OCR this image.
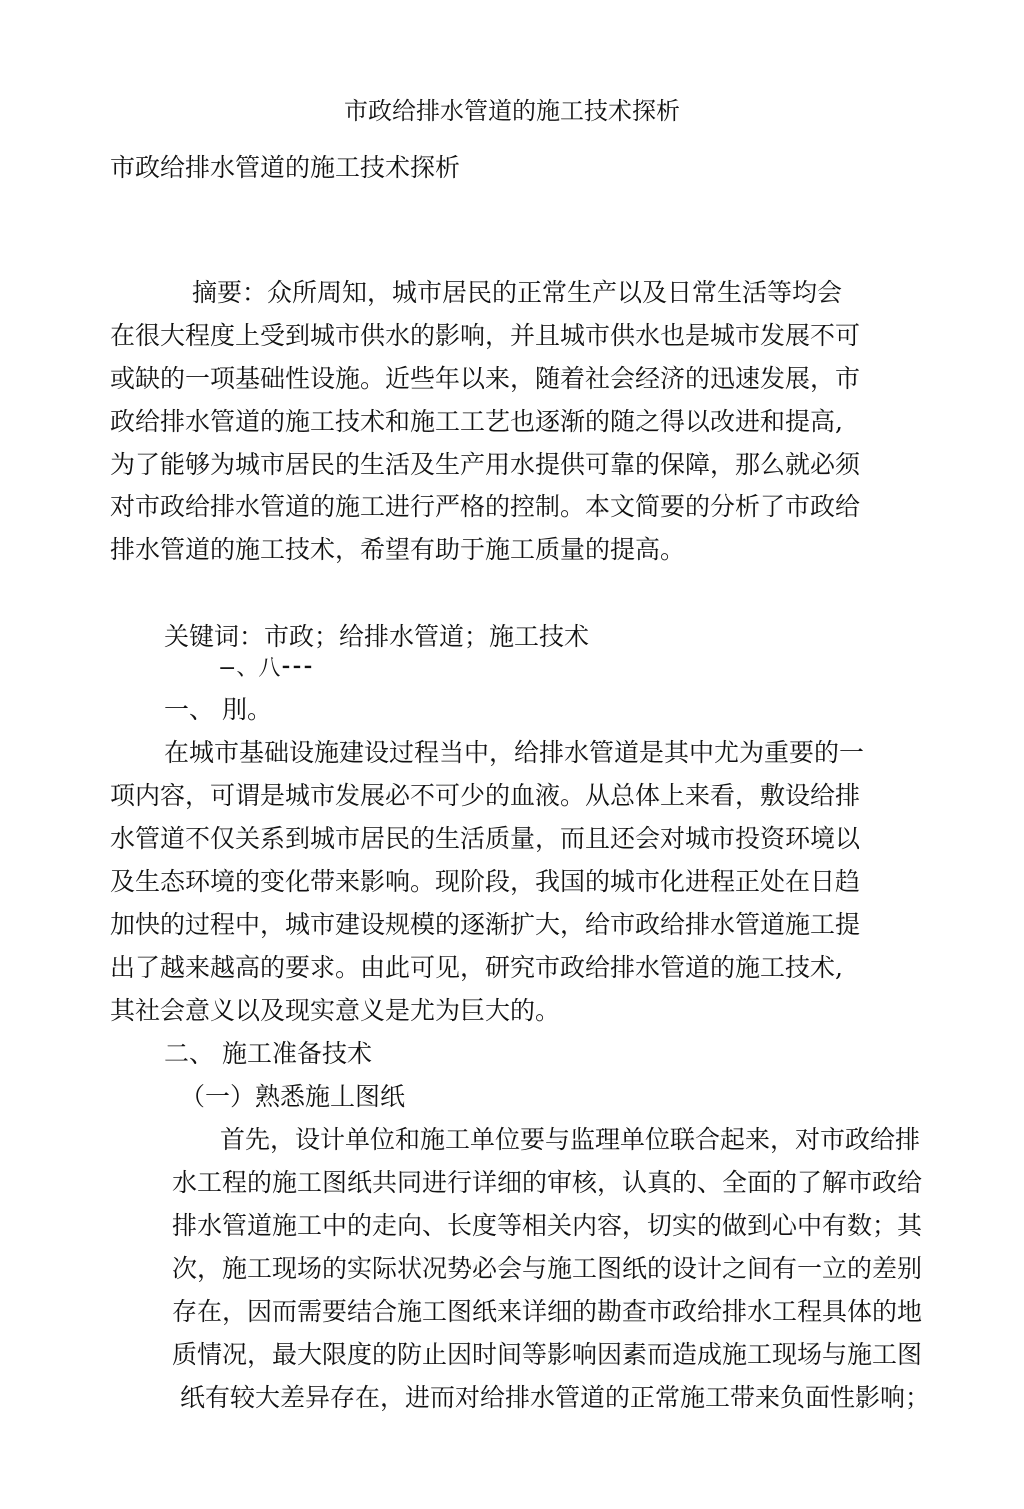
市政给排水管道的施工技术探析

市政给排水管道的施工技术探析

摘要：众所周知，城市居民的正常生产以及日常生活等均会

在很大程度上受到城市供水的影响，并且城市供水也是城市发展不可

或缺的一项基础性设施。近些年以来，随着社会经济的迅速发展，市

政给排水管道的施工技术和施工工艺也逐渐的随之得以改进和提高,

为了能够为城市居民的生活及生产用水提供可靠的保障，那么就必须

对市政给排水管道的施工进行严格的控制。本文简要的分析了市政给

排水管道的施工技术，希望有助于施工质量的提高。

关键词：市政；给排水管道；施工技术

−、八⁃⁃⁃

一、 刖。

在城市基础设施建设过程当中，给排水管道是其中尤为重要的一

项内容，可谓是城市发展必不可少的血液。从总体上来看，敷设给排

水管道不仅关系到城市居民的生活质量，而且还会对城市投资环境以

及生态环境的变化带来影响。现阶段，我国的城市化进程正处在日趋

加快的过程中，城市建设规模的逐渐扩大，给市政给排水管道施工提

出了越来越高的要求。由此可见，研究市政给排水管道的施工技术,

其社会意义以及现实意义是尤为巨大的。

二、 施工准备技术

（一）熟悉施丄图纸

首先，设计单位和施工单位要与监理单位联合起来，对市政给排

水工程的施工图纸共同进行详细的审核，认真的、全面的了解市政给

排水管道施工中的走向、长度等相关内容，切实的做到心中有数；其

次，施工现场的实际状况势必会与施工图纸的设计之间有一立的差别

存在，因而需要结合施工图纸来详细的勘查市政给排水工程具体的地

质情况，最大限度的防止因时间等影响因素而造成施工现场与施工图

纸有较大差异存在，进而对给排水管道的正常施工带来负面性影响；
